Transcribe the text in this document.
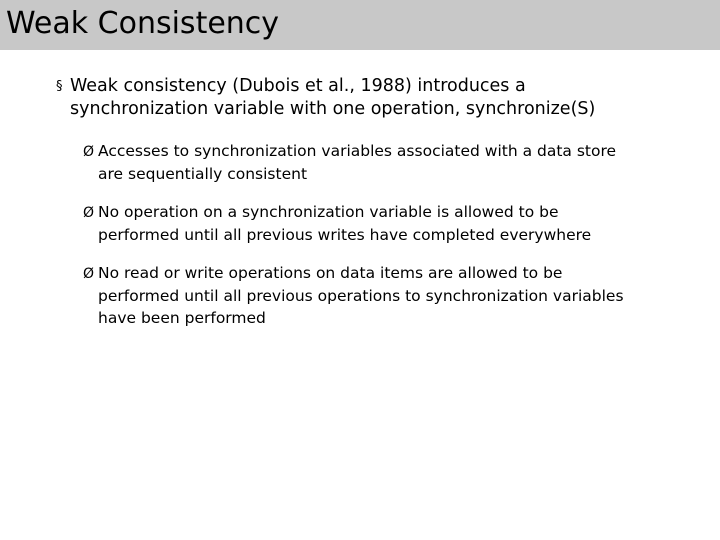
Weak Consistency
§ Weak consistency (Dubois et al., 1988) introduces a
synchronization variable with one operation, synchronize(S)
Ø Accesses to synchronization variables associated with a data store
are sequentially consistent
Ø No operation on a synchronization variable is allowed to be
performed until all previous writes have completed everywhere
Ø No read or write operations on data items are allowed to be
performed until all previous operations to synchronization variables
have been performed
